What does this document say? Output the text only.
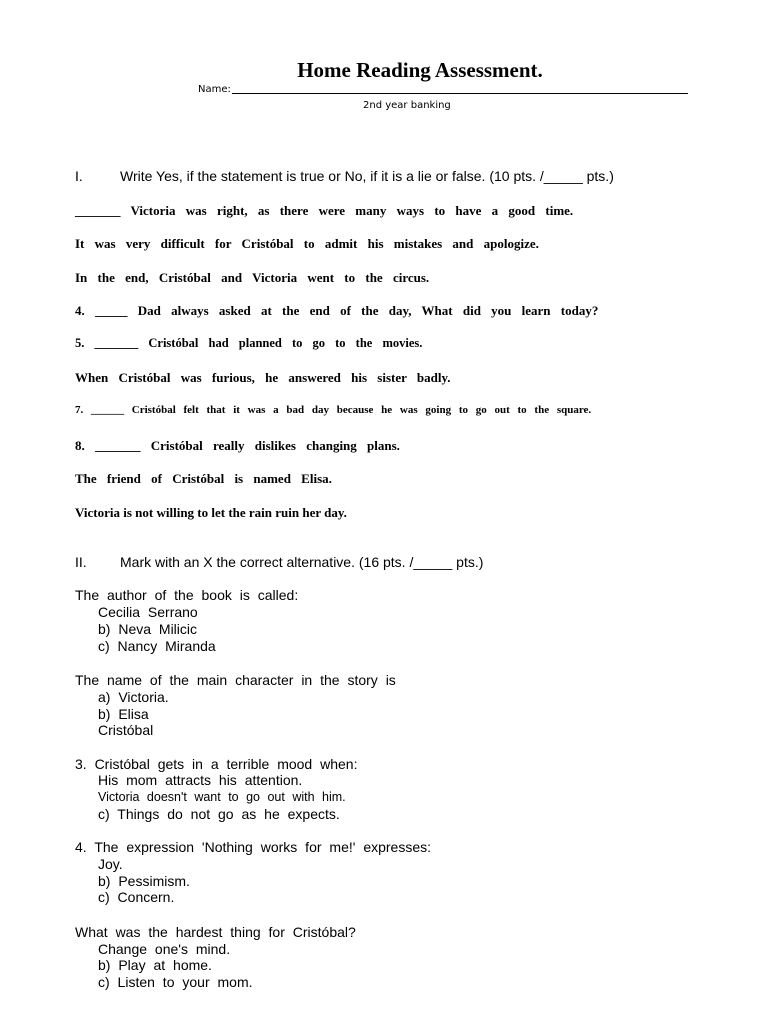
Home Reading Assessment.
Name:
2nd year banking
I.	Write Yes, if the statement is true or No, if it is a lie or false. (10 pts. /_____ pts.)
_______ Victoria was right, as there were many ways to have a good time.
It was very difficult for Cristóbal to admit his mistakes and apologize.
In the end, Cristóbal and Victoria went to the circus.
4. _____ Dad always asked at the end of the day, What did you learn today?
5. _______ Cristóbal had planned to go to the movies.
When Cristóbal was furious, he answered his sister badly.
7. ______ Cristóbal felt that it was a bad day because he was going to go out to the square.
8. _______ Cristóbal really dislikes changing plans.
The friend of Cristóbal is named Elisa.
Victoria is not willing to let the rain ruin her day.
II. Mark with an X the correct alternative. (16 pts. /_____ pts.)
The author of the book is called:
Cecilia Serrano
b) Neva Milicic
c) Nancy Miranda
The name of the main character in the story is
a) Victoria.
b) Elisa
Cristóbal
3. Cristóbal gets in a terrible mood when:
His mom attracts his attention.
Victoria doesn't want to go out with him.
c) Things do not go as he expects.
4. The expression 'Nothing works for me!' expresses:
Joy.
b) Pessimism.
c) Concern.
What was the hardest thing for Cristóbal?
Change one's mind.
b) Play at home.
c) Listen to your mom.
